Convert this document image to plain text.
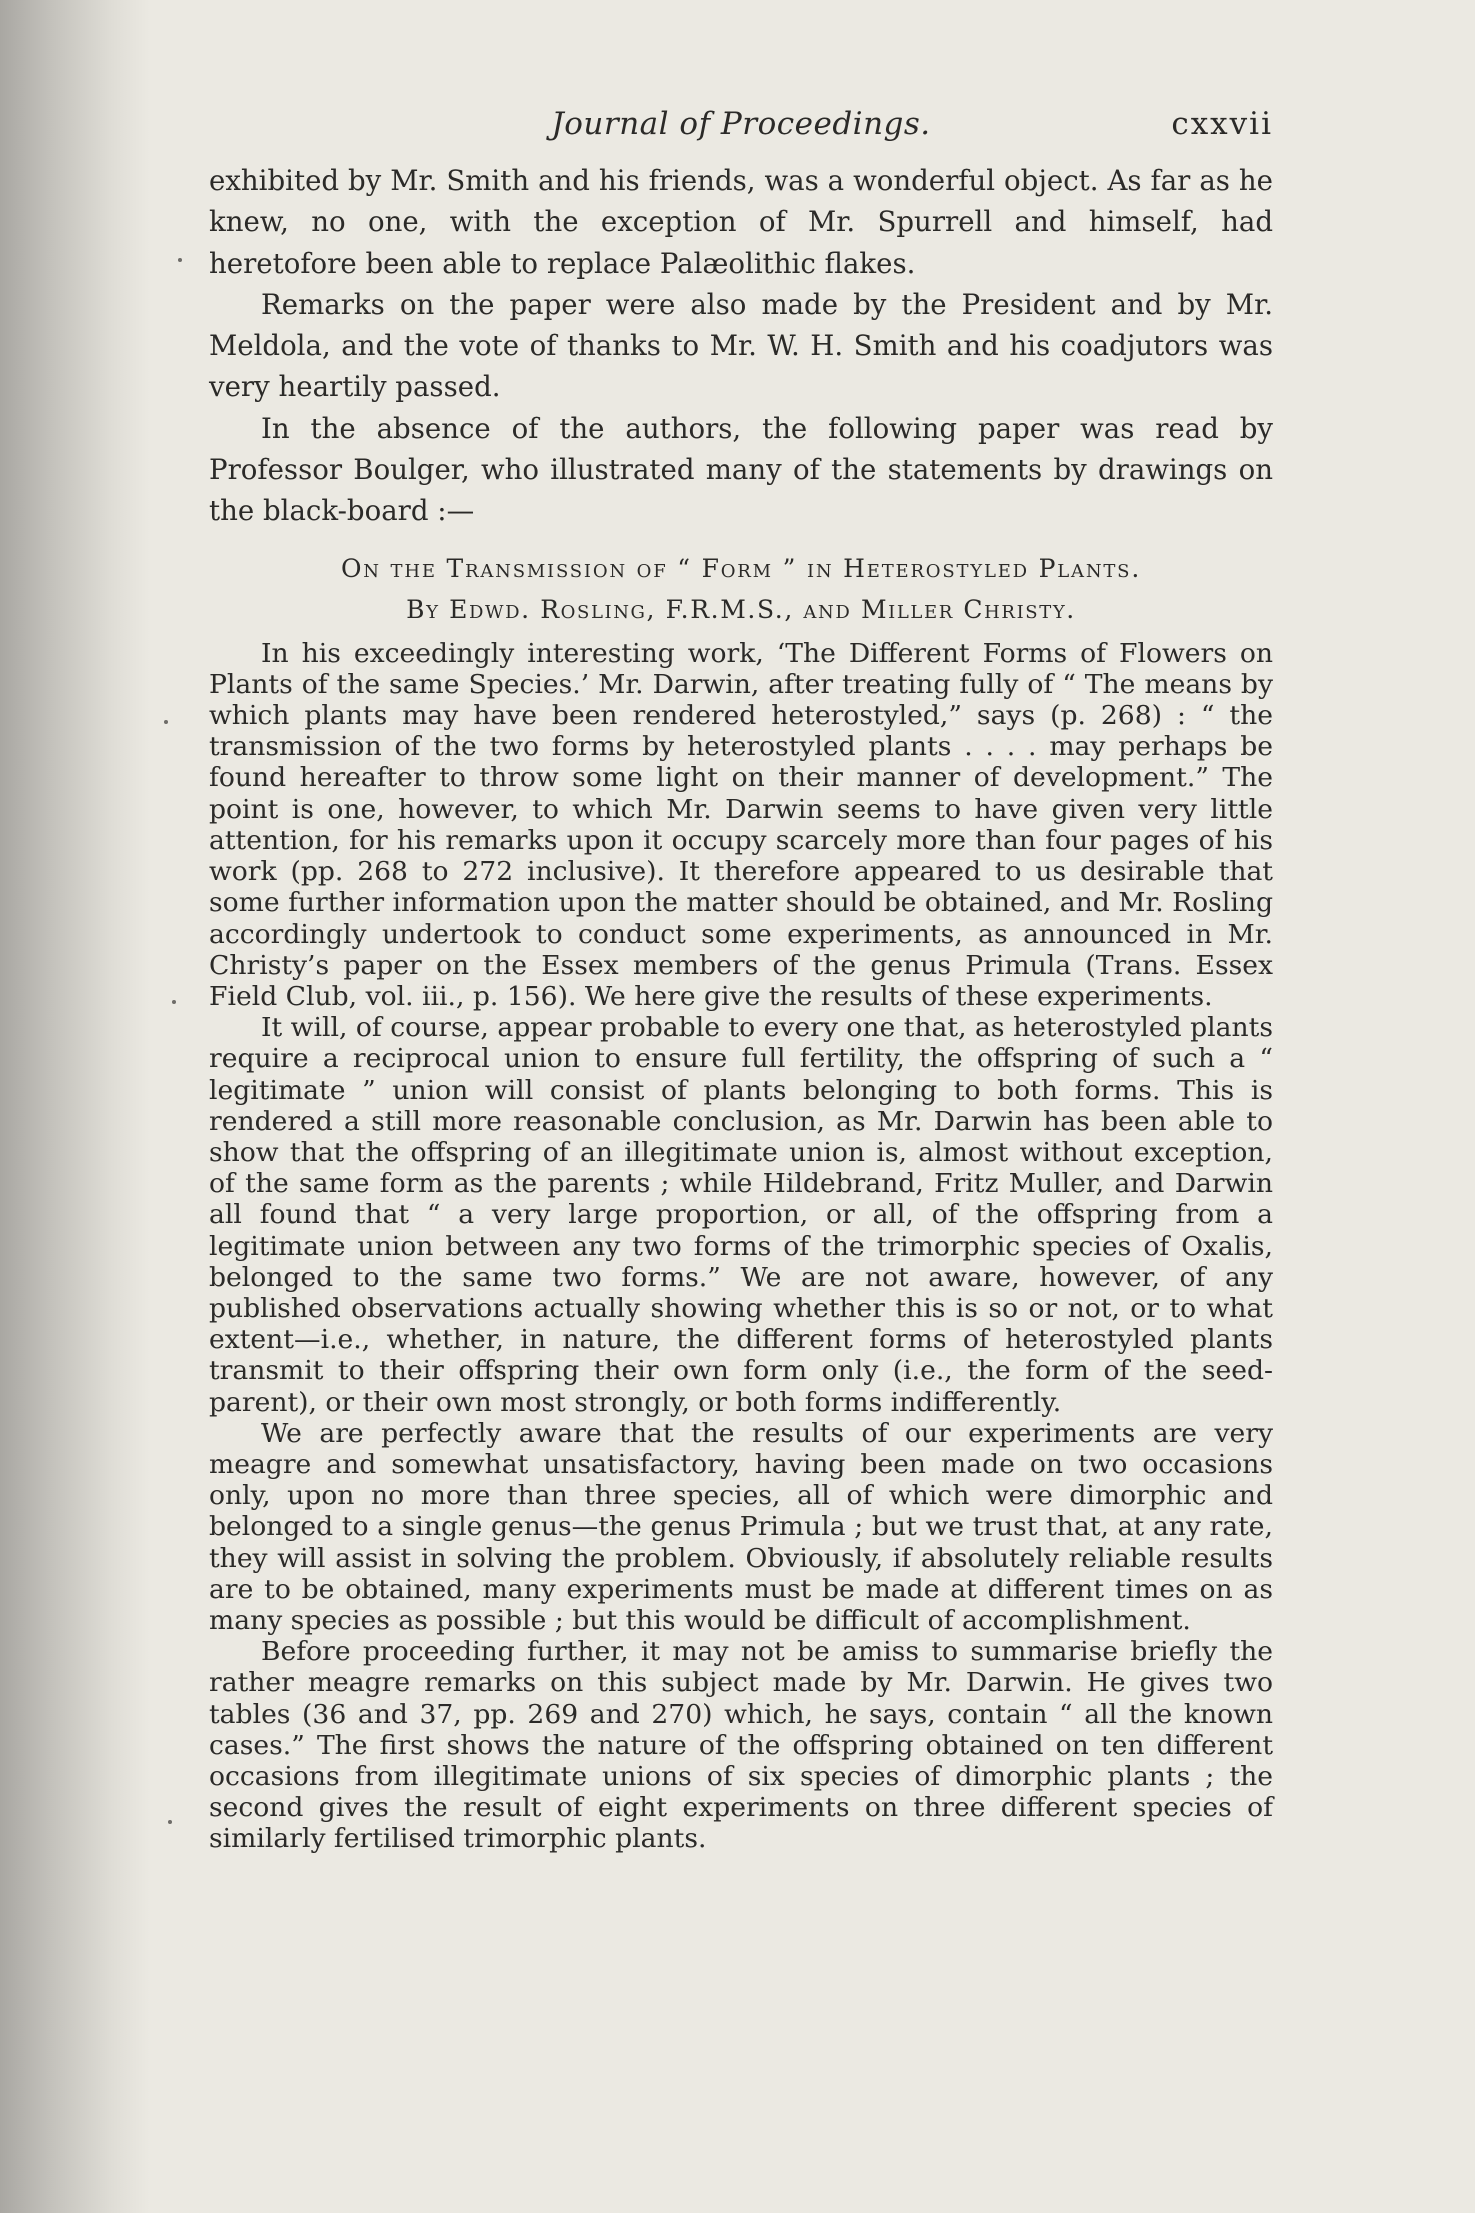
Journal of Proceedings.	cxxvii

exhibited by Mr. Smith and his friends, was a wonderful object. As far as he knew, no one, with the exception of Mr. Spurrell and himself, had heretofore been able to replace Palæolithic flakes.

Remarks on the paper were also made by the President and by Mr. Meldola, and the vote of thanks to Mr. W. H. Smith and his coadjutors was very heartily passed.

In the absence of the authors, the following paper was read by Professor Boulger, who illustrated many of the statements by drawings on the black-board :—

On the Transmission of “ Form ” in Heterostyled Plants.
By Edwd. Rosling, F.R.M.S., and Miller Christy.

In his exceedingly interesting work, ‘The Different Forms of Flowers on Plants of the same Species.’ Mr. Darwin, after treating fully of “ The means by which plants may have been rendered heterostyled,” says (p. 268) : “ the transmission of the two forms by heterostyled plants . . . . may perhaps be found hereafter to throw some light on their manner of development.” The point is one, however, to which Mr. Darwin seems to have given very little attention, for his remarks upon it occupy scarcely more than four pages of his work (pp. 268 to 272 inclusive). It therefore appeared to us desirable that some further information upon the matter should be obtained, and Mr. Rosling accordingly undertook to conduct some experiments, as announced in Mr. Christy’s paper on the Essex members of the genus Primula (Trans. Essex Field Club, vol. iii., p. 156). We here give the results of these experiments.

It will, of course, appear probable to every one that, as heterostyled plants require a reciprocal union to ensure full fertility, the offspring of such a “ legitimate ” union will consist of plants belonging to both forms. This is rendered a still more reasonable conclusion, as Mr. Darwin has been able to show that the offspring of an illegitimate union is, almost without exception, of the same form as the parents ; while Hildebrand, Fritz Muller, and Darwin all found that “ a very large proportion, or all, of the offspring from a legitimate union between any two forms of the trimorphic species of Oxalis, belonged to the same two forms.” We are not aware, however, of any published observations actually showing whether this is so or not, or to what extent—i.e., whether, in nature, the different forms of heterostyled plants transmit to their offspring their own form only (i.e., the form of the seed-parent), or their own most strongly, or both forms indifferently.

We are perfectly aware that the results of our experiments are very meagre and somewhat unsatisfactory, having been made on two occasions only, upon no more than three species, all of which were dimorphic and belonged to a single genus—the genus Primula ; but we trust that, at any rate, they will assist in solving the problem. Obviously, if absolutely reliable results are to be obtained, many experiments must be made at different times on as many species as possible ; but this would be difficult of accomplishment.

Before proceeding further, it may not be amiss to summarise briefly the rather meagre remarks on this subject made by Mr. Darwin. He gives two tables (36 and 37, pp. 269 and 270) which, he says, contain “ all the known cases.” The first shows the nature of the offspring obtained on ten different occasions from illegitimate unions of six species of dimorphic plants ; the second gives the result of eight experiments on three different species of similarly fertilised trimorphic plants.
